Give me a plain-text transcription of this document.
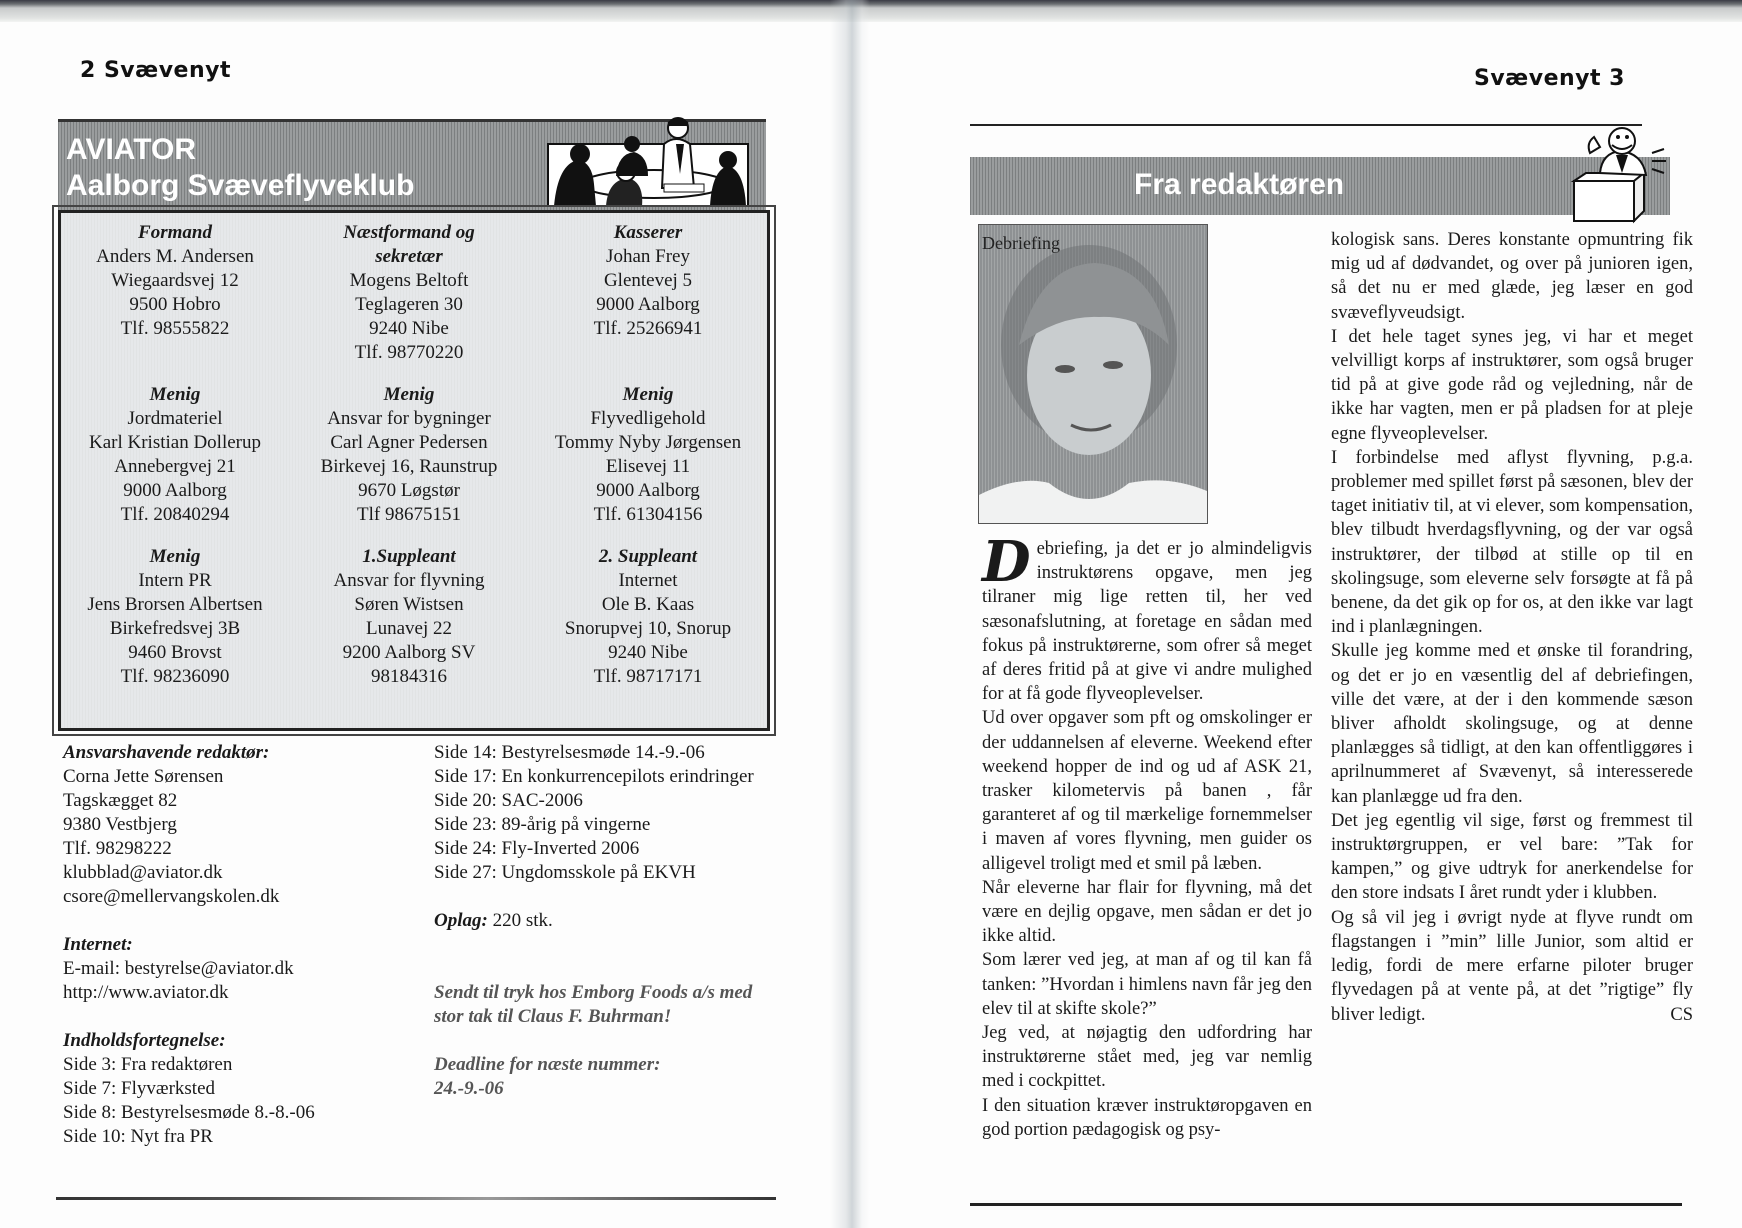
2 Svævenyt
AVIATOR
Aalborg Svæveflyveklub
Formand
Anders M. Andersen
Wiegaardsvej 12
9500 Hobro
Tlf. 98555822
Næstformand og sekretær
Mogens Beltoft
Teglageren 30
9240 Nibe
Tlf. 98770220
Kasserer
Johan Frey
Glentevej 5
9000 Aalborg
Tlf. 25266941
Menig
Jordmateriel
Karl Kristian Dollerup
Annebergvej 21
9000 Aalborg
Tlf. 20840294
Menig
Ansvar for bygninger
Carl Agner Pedersen
Birkevej 16, Raunstrup
9670 Løgstør
Tlf 98675151
Menig
Flyvedligehold
Tommy Nyby Jørgensen
Elisevej 11
9000 Aalborg
Tlf. 61304156
Menig
Intern PR
Jens Brorsen Albertsen
Birkefredsvej 3B
9460 Brovst
Tlf. 98236090
1.Suppleant
Ansvar for flyvning
Søren Wistsen
Lunavej 22
9200 Aalborg SV
98184316
2. Suppleant
Internet
Ole B. Kaas
Snorupvej 10, Snorup
9240 Nibe
Tlf. 98717171
Ansvarshavende redaktør:
Corna Jette Sørensen
Tagskægget 82
9380 Vestbjerg
Tlf. 98298222
klubblad@aviator.dk
csore@mellervangskolen.dk
Internet:
E-mail: bestyrelse@aviator.dk
http://www.aviator.dk
Indholdsfortegnelse:
Side 3: Fra redaktøren
Side 7: Flyværksted
Side 8: Bestyrelsesmøde 8.-8.-06
Side 10: Nyt fra PR
Side 14: Bestyrelsesmøde 14.-9.-06
Side 17: En konkurrencepilots erindringer
Side 20: SAC-2006
Side 23: 89-årig på vingerne
Side 24: Fly-Inverted 2006
Side 27: Ungdomsskole på EKVH
Oplag: 220 stk.
Sendt til tryk hos Emborg Foods a/s med stor tak til Claus F. Buhrman!
Deadline for næste nummer:
24.-9.-06
Svævenyt 3
Fra redaktøren
Debriefing

Debriefing, ja det er jo almindeligvis instruktørens opgave, men jeg tilraner mig lige retten til, her ved sæsonafslutning, at foretage en sådan med fokus på instruktørerne, som ofrer så meget af deres fritid på at give vi andre mulighed for at få gode flyveoplevelser.

Ud over opgaver som pft og omskolinger er der uddannelsen af eleverne. Weekend efter weekend hopper de ind og ud af ASK 21, trasker kilometervis på banen , får garanteret af og til mærkelige fornemmelser i maven af vores flyvning, men guider os alligevel troligt med et smil på læben.

Når eleverne har flair for flyvning, må det være en dejlig opgave, men sådan er det jo ikke altid.

Som lærer ved jeg, at man af og til kan få tanken: ”Hvordan i himlens navn får jeg den elev til at skifte skole?”

Jeg ved, at nøjagtig den udfordring har instruktørerne stået med, jeg var nemlig med i cockpittet.

I den situation kræver instruktøropgaven en god portion pædagogisk og psy-

kologisk sans. Deres konstante opmuntring fik mig ud af dødvandet, og over på junioren igen, så det nu er med glæde, jeg læser en god svæveflyveudsigt.

I det hele taget synes jeg, vi har et meget velvilligt korps af instruktører, som også bruger tid på at give gode råd og vejledning, når de ikke har vagten, men er på pladsen for at pleje egne flyveoplevelser.

I forbindelse med aflyst flyvning, p.g.a. problemer med spillet først på sæsonen, blev der taget initiativ til, at vi elever, som kompensation, blev tilbudt hverdagsflyvning, og der var også instruktører, der tilbød at stille op til en skolingsuge, som eleverne selv forsøgte at få på benene, da det gik op for os, at den ikke var lagt ind i planlægningen.

Skulle jeg komme med et ønske til forandring, og det er jo en væsentlig del af debriefingen, ville det være, at der i den kommende sæson bliver afholdt skolingsuge, og at denne planlægges så tidligt, at den kan offentliggøres i aprilnummeret af Svævenyt, så interesserede kan planlægge ud fra den.

Det jeg egentlig vil sige, først og fremmest til instruktørgruppen, er vel bare: ”Tak for kampen,” og give udtryk for anerkendelse for den store indsats I året rundt yder i klubben.

Og så vil jeg i øvrigt nyde at flyve rundt om flagstangen i ”min” lille Junior, som altid er ledig, fordi de mere erfarne piloter bruger flyvedagen på at vente på, at det ”rigtige” fly bliver ledigt.	CS
